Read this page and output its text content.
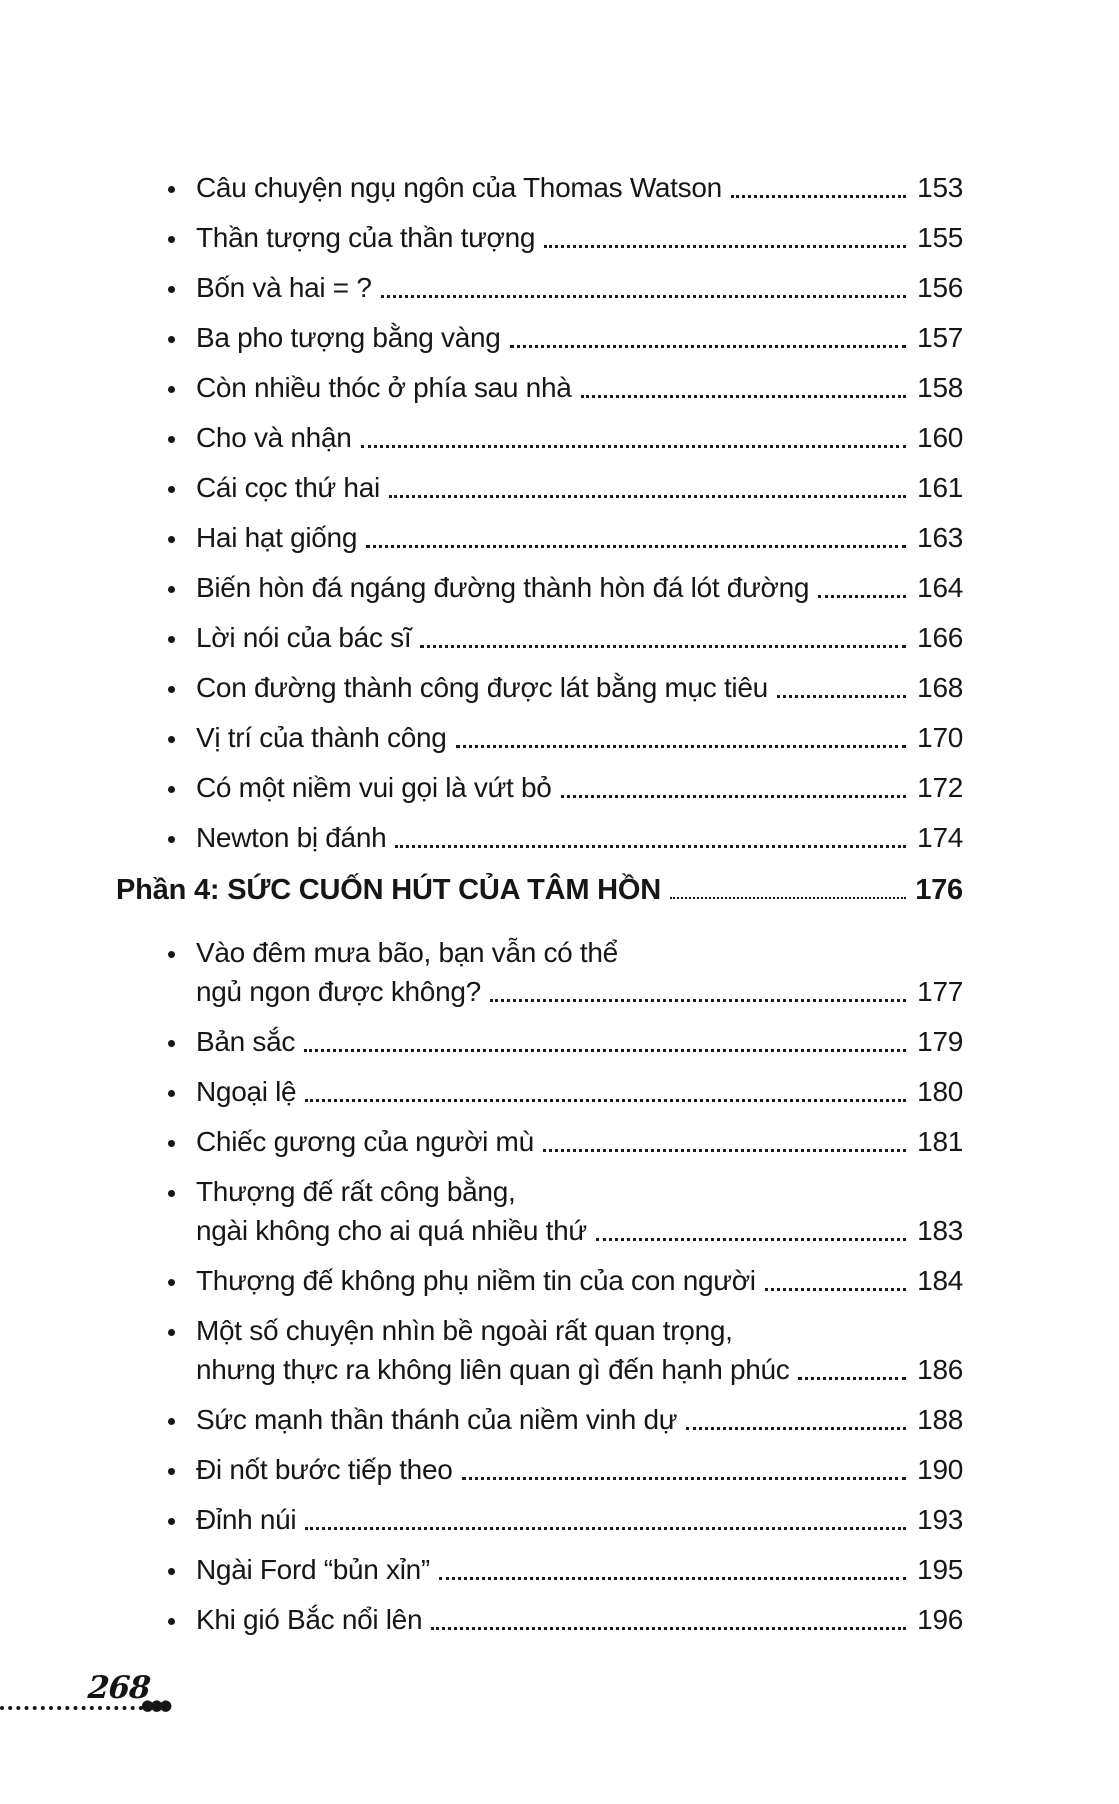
Câu chuyện ngụ ngôn của Thomas Watson	153
Thần tượng của thần tượng	155
Bốn và hai = ?	156
Ba pho tượng bằng vàng	157
Còn nhiều thóc ở phía sau nhà	158
Cho và nhận	160
Cái cọc thứ hai	161
Hai hạt giống	163
Biến hòn đá ngáng đường thành hòn đá lót đường	164
Lời nói của bác sĩ	166
Con đường thành công được lát bằng mục tiêu	168
Vị trí của thành công	170
Có một niềm vui gọi là vứt bỏ	172
Newton bị đánh	174
Phần 4: SỨC CUỐN HÚT CỦA TÂM HỒN	176
Vào đêm mưa bão, bạn vẫn có thể
ngủ ngon được không?	177
Bản sắc	179
Ngoại lệ	180
Chiếc gương của người mù	181
Thượng đế rất công bằng,
ngài không cho ai quá nhiều thứ	183
Thượng đế không phụ niềm tin của con người	184
Một số chuyện nhìn bề ngoài rất quan trọng,
nhưng thực ra không liên quan gì đến hạnh phúc	186
Sức mạnh thần thánh của niềm vinh dự	188
Đi nốt bước tiếp theo	190
Đỉnh núi	193
Ngài Ford “bủn xỉn”	195
Khi gió Bắc nổi lên	196
268
●●●
